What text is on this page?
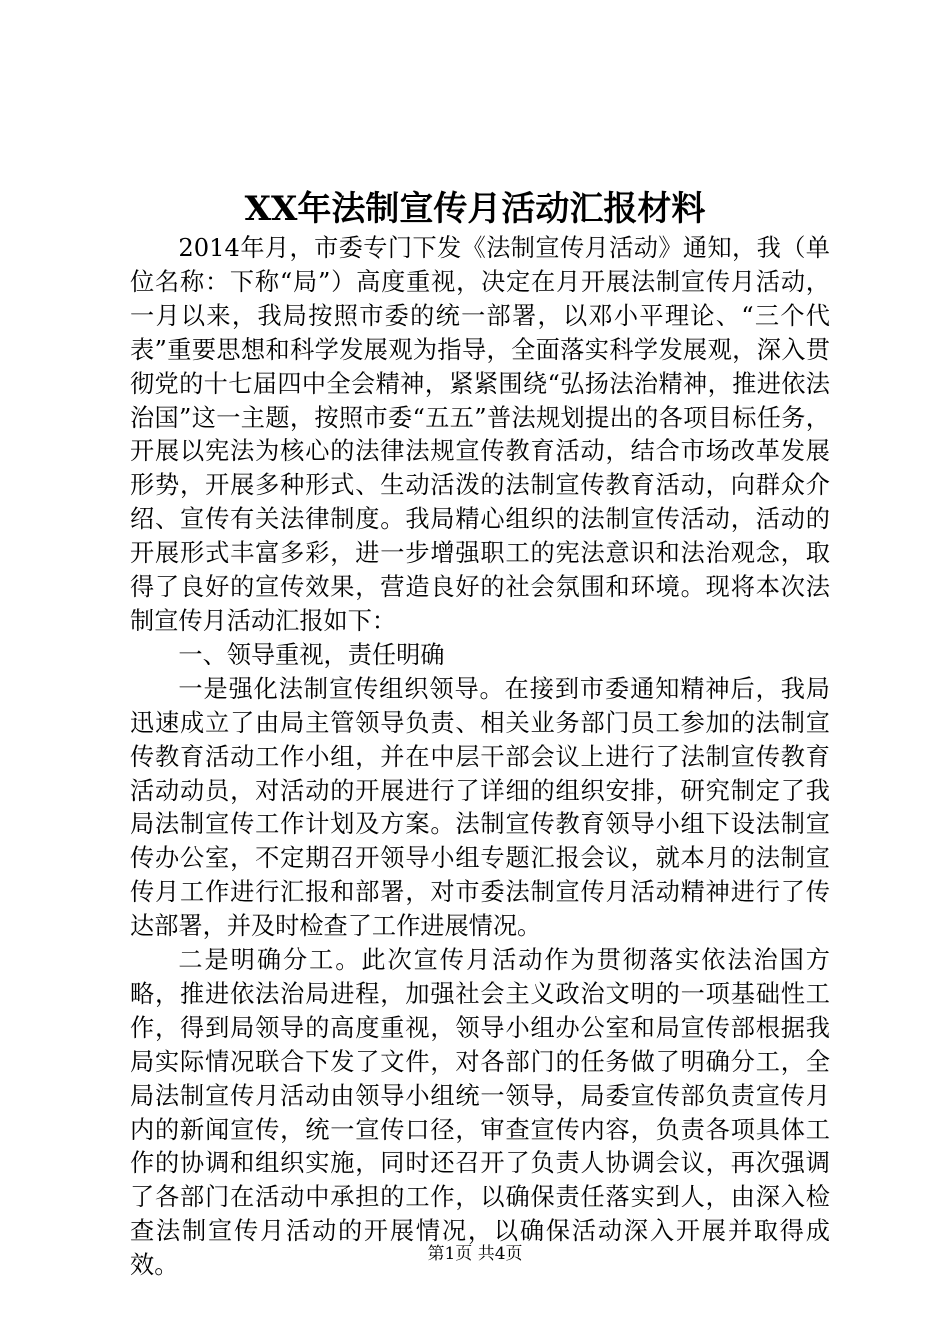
XX年法制宣传月活动汇报材料

2014年月，市委专门下发《法制宣传月活动》通知，我（单位名称：下称“局”）高度重视，决定在月开展法制宣传月活动，一月以来，我局按照市委的统一部署，以邓小平理论、“三个代表”重要思想和科学发展观为指导，全面落实科学发展观，深入贯彻党的十七届四中全会精神，紧紧围绕“弘扬法治精神，推进依法治国”这一主题，按照市委“五五”普法规划提出的各项目标任务，开展以宪法为核心的法律法规宣传教育活动，结合市场改革发展形势，开展多种形式、生动活泼的法制宣传教育活动，向群众介绍、宣传有关法律制度。我局精心组织的法制宣传活动，活动的开展形式丰富多彩，进一步增强职工的宪法意识和法治观念，取得了良好的宣传效果，营造良好的社会氛围和环境。现将本次法制宣传月活动汇报如下：

一、领导重视，责任明确

一是强化法制宣传组织领导。在接到市委通知精神后，我局迅速成立了由局主管领导负责、相关业务部门员工参加的法制宣传教育活动工作小组，并在中层干部会议上进行了法制宣传教育活动动员，对活动的开展进行了详细的组织安排，研究制定了我局法制宣传工作计划及方案。法制宣传教育领导小组下设法制宣传办公室，不定期召开领导小组专题汇报会议，就本月的法制宣传月工作进行汇报和部署，对市委法制宣传月活动精神进行了传达部署，并及时检查了工作进展情况。

二是明确分工。此次宣传月活动作为贯彻落实依法治国方略，推进依法治局进程，加强社会主义政治文明的一项基础性工作，得到局领导的高度重视，领导小组办公室和局宣传部根据我局实际情况联合下发了文件，对各部门的任务做了明确分工，全局法制宣传月活动由领导小组统一领导，局委宣传部负责宣传月内的新闻宣传，统一宣传口径，审查宣传内容，负责各项具体工作的协调和组织实施，同时还召开了负责人协调会议，再次强调了各部门在活动中承担的工作，以确保责任落实到人，由深入检查法制宣传月活动的开展情况，以确保活动深入开展并取得成效。	第1页 共4页
